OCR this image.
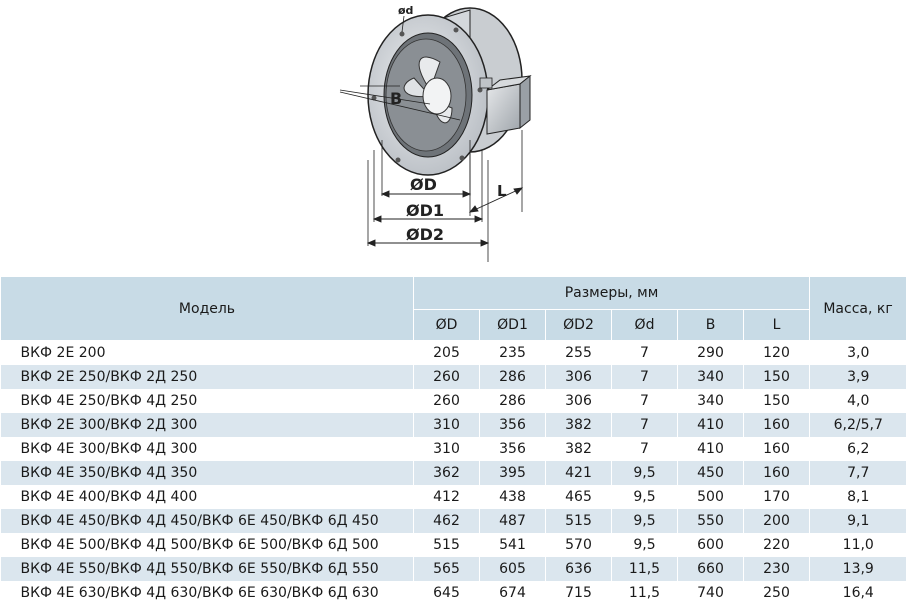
ød
B
ØD
ØD1
ØD2
L
Модель	Размеры, мм						Масса, кг
	ØD	ØD1	ØD2	Ød	B	L	
ВКФ 2Е 200	205	235	255	7	290	120	3,0
ВКФ 2Е 250/ВКФ 2Д 250	260	286	306	7	340	150	3,9
ВКФ 4Е 250/ВКФ 4Д 250	260	286	306	7	340	150	4,0
ВКФ 2Е 300/ВКФ 2Д 300	310	356	382	7	410	160	6,2/5,7
ВКФ 4Е 300/ВКФ 4Д 300	310	356	382	7	410	160	6,2
ВКФ 4Е 350/ВКФ 4Д 350	362	395	421	9,5	450	160	7,7
ВКФ 4Е 400/ВКФ 4Д 400	412	438	465	9,5	500	170	8,1
ВКФ 4Е 450/ВКФ 4Д 450/ВКФ 6Е 450/ВКФ 6Д 450	462	487	515	9,5	550	200	9,1
ВКФ 4Е 500/ВКФ 4Д 500/ВКФ 6Е 500/ВКФ 6Д 500	515	541	570	9,5	600	220	11,0
ВКФ 4Е 550/ВКФ 4Д 550/ВКФ 6Е 550/ВКФ 6Д 550	565	605	636	11,5	660	230	13,9
ВКФ 4Е 630/ВКФ 4Д 630/ВКФ 6Е 630/ВКФ 6Д 630	645	674	715	11,5	740	250	16,4
